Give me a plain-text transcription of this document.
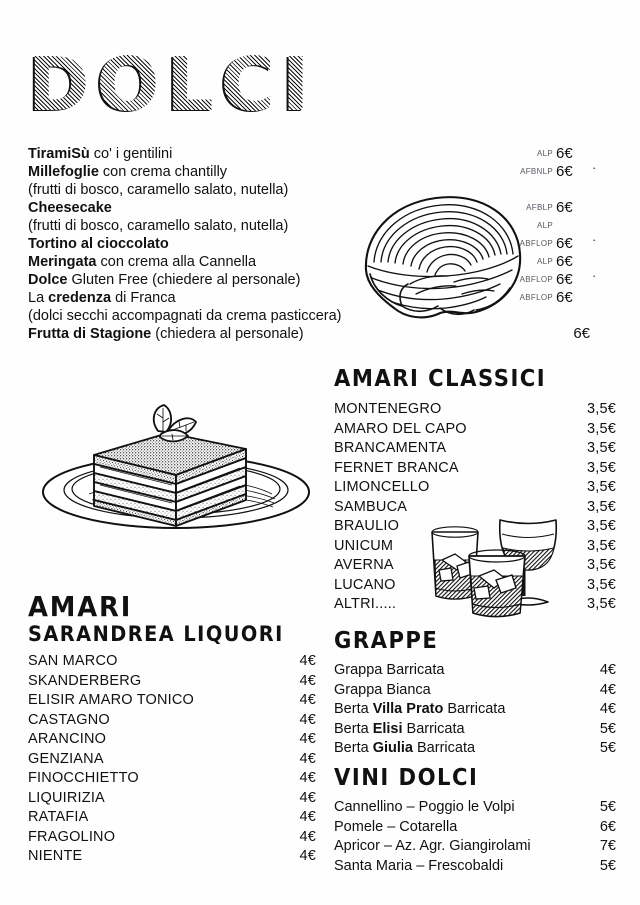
DOLCI
TiramiSù co' i gentilini	ALP 6€
Millefoglie con crema chantilly	AFBNLP 6€ ·
(frutti di bosco, caramello salato, nutella)
Cheesecake	AFBLP 6€
(frutti di bosco, caramello salato, nutella)	ALP
Tortino al cioccolato	ABFLOP 6€ ·
Meringata con crema alla Cannella	ALP 6€
Dolce Gluten Free (chiedere al personale)	ABFLOP 6€ ·
La credenza di Franca	ABFLOP 6€
(dolci secchi accompagnati da crema pasticcera)
Frutta di Stagione (chiedera al personale)	6€
AMARI CLASSICI
MONTENEGRO	3,5€
AMARO DEL CAPO	3,5€
BRANCAMENTA	3,5€
FERNET BRANCA	3,5€
LIMONCELLO	3,5€
SAMBUCA	3,5€
BRAULIO	3,5€
UNICUM	3,5€
AVERNA	3,5€
LUCANO	3,5€
ALTRI.....	3,5€
AMARI
SARANDREA LIQUORI
SAN MARCO	4€
SKANDERBERG	4€
ELISIR AMARO TONICO	4€
CASTAGNO	4€
ARANCINO	4€
GENZIANA	4€
FINOCCHIETTO	4€
LIQUIRIZIA	4€
RATAFIA	4€
FRAGOLINO	4€
NIENTE	4€
GRAPPE
Grappa Barricata	4€
Grappa Bianca	4€
Berta Villa Prato Barricata	4€
Berta Elisi Barricata	5€
Berta Giulia Barricata	5€
VINI DOLCI
Cannellino – Poggio le Volpi	5€
Pomele – Cotarella	6€
Apricor – Az. Agr. Giangirolami	7€
Santa Maria – Frescobaldi	5€
